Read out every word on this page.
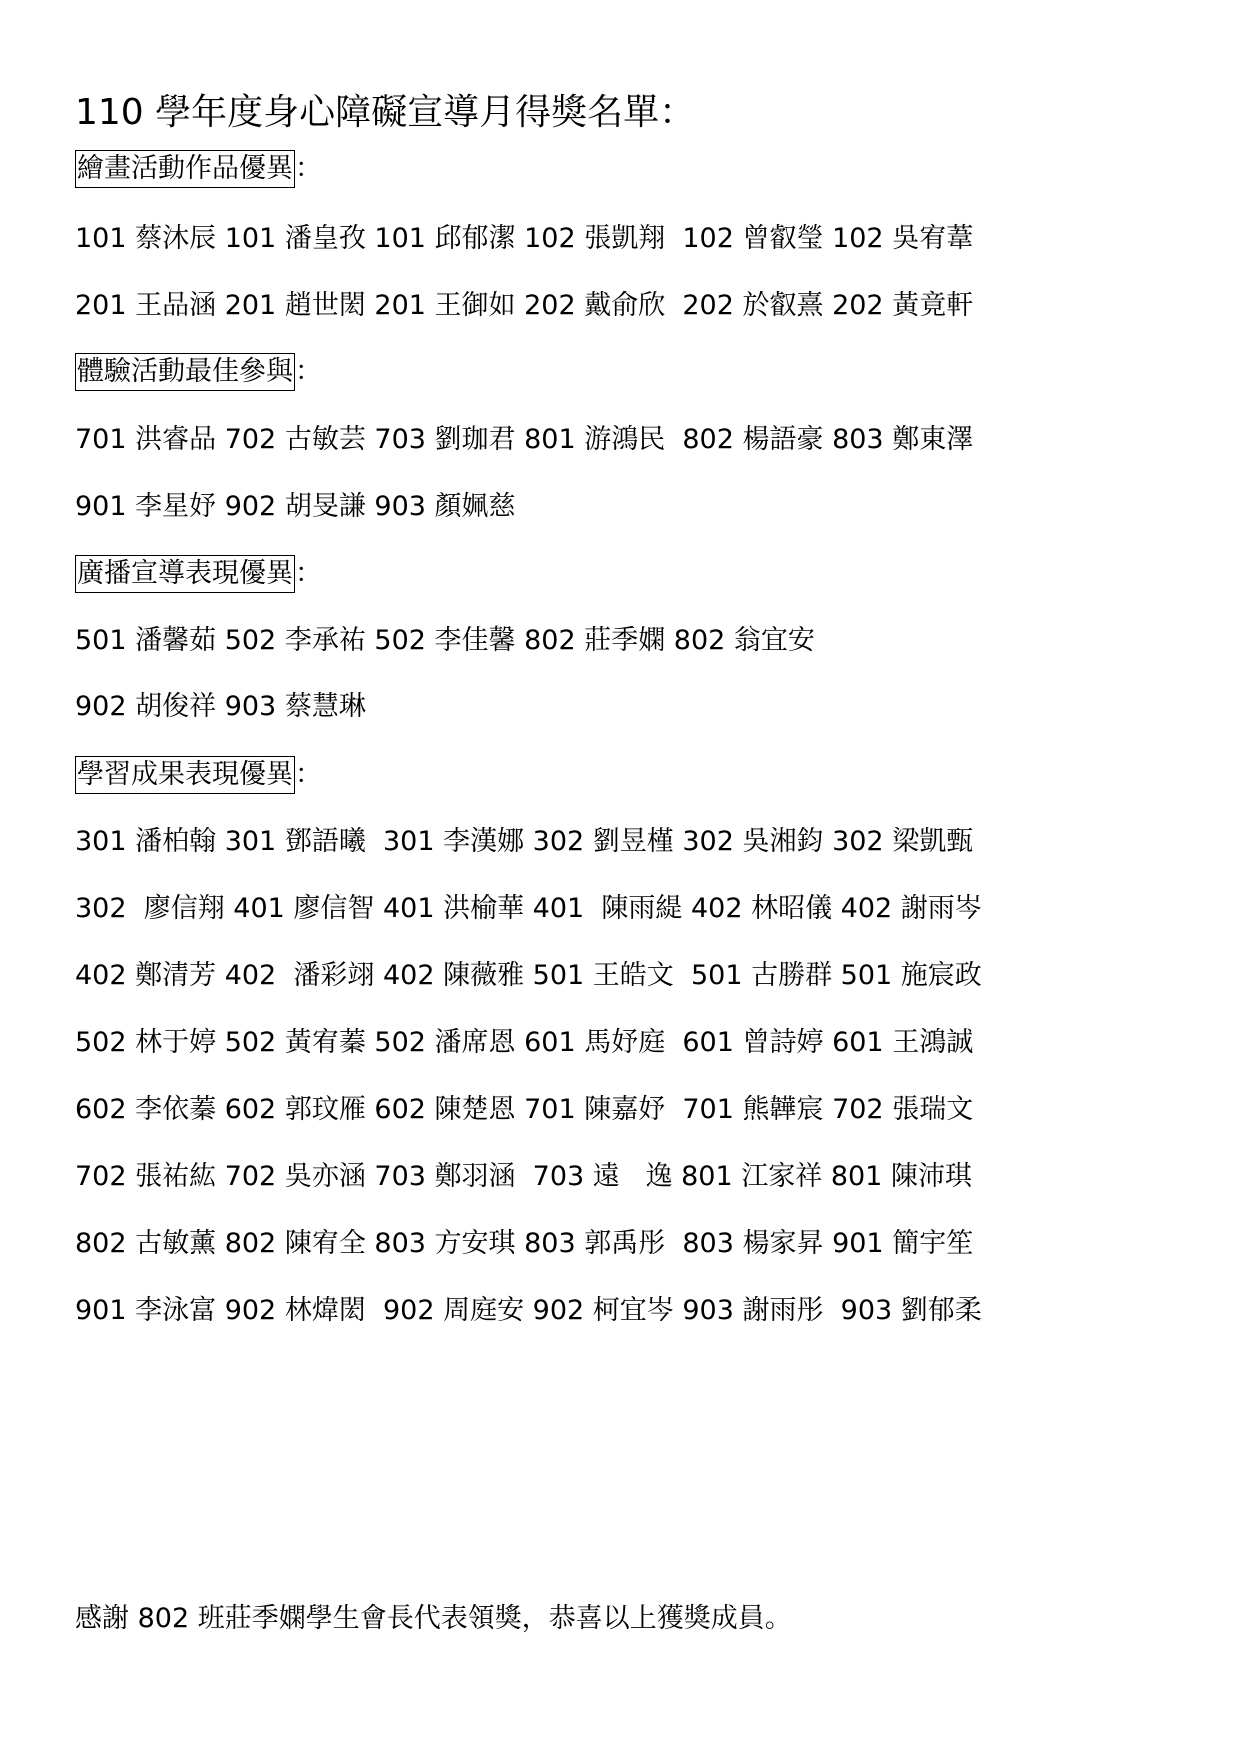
110 學年度身心障礙宣導月得獎名單：
繪畫活動作品優異：
101 蔡沐辰 101 潘皇孜 101 邱郁潔 102 張凱翔  102 曾叡瑩 102 吳宥葦
201 王品涵 201 趙世閎 201 王御如 202 戴俞欣  202 於叡熹 202 黃竟軒
體驗活動最佳參與：
701 洪睿品 702 古敏芸 703 劉珈君 801 游鴻民  802 楊語豪 803 鄭東澤
901 李星妤 902 胡旻謙 903 顏姵慈
廣播宣導表現優異：
501 潘馨茹 502 李承祐 502 李佳馨 802 莊季嫻 802 翁宜安
902 胡俊祥 903 蔡慧琳
學習成果表現優異：
301 潘柏翰 301 鄧語曦  301 李漢娜 302 劉昱槿 302 吳湘鈞 302 梁凱甄
302  廖信翔 401 廖信智 401 洪榆華 401  陳雨緹 402 林昭儀 402 謝雨岑
402 鄭清芳 402  潘彩翊 402 陳薇雅 501 王皓文  501 古勝群 501 施宸政
502 林于婷 502 黃宥蓁 502 潘席恩 601 馬妤庭  601 曾詩婷 601 王鴻誠
602 李依蓁 602 郭玟雁 602 陳楚恩 701 陳嘉妤  701 熊韡宸 702 張瑞文
702 張祐紘 702 吳亦涵 703 鄭羽涵  703 遠   逸 801 江家祥 801 陳沛琪
802 古敏薰 802 陳宥全 803 方安琪 803 郭禹彤  803 楊家昇 901 簡宇笙
901 李泳富 902 林煒閎  902 周庭安 902 柯宜岑 903 謝雨彤  903 劉郁柔
感謝 802 班莊季嫻學生會長代表領獎，恭喜以上獲獎成員。
